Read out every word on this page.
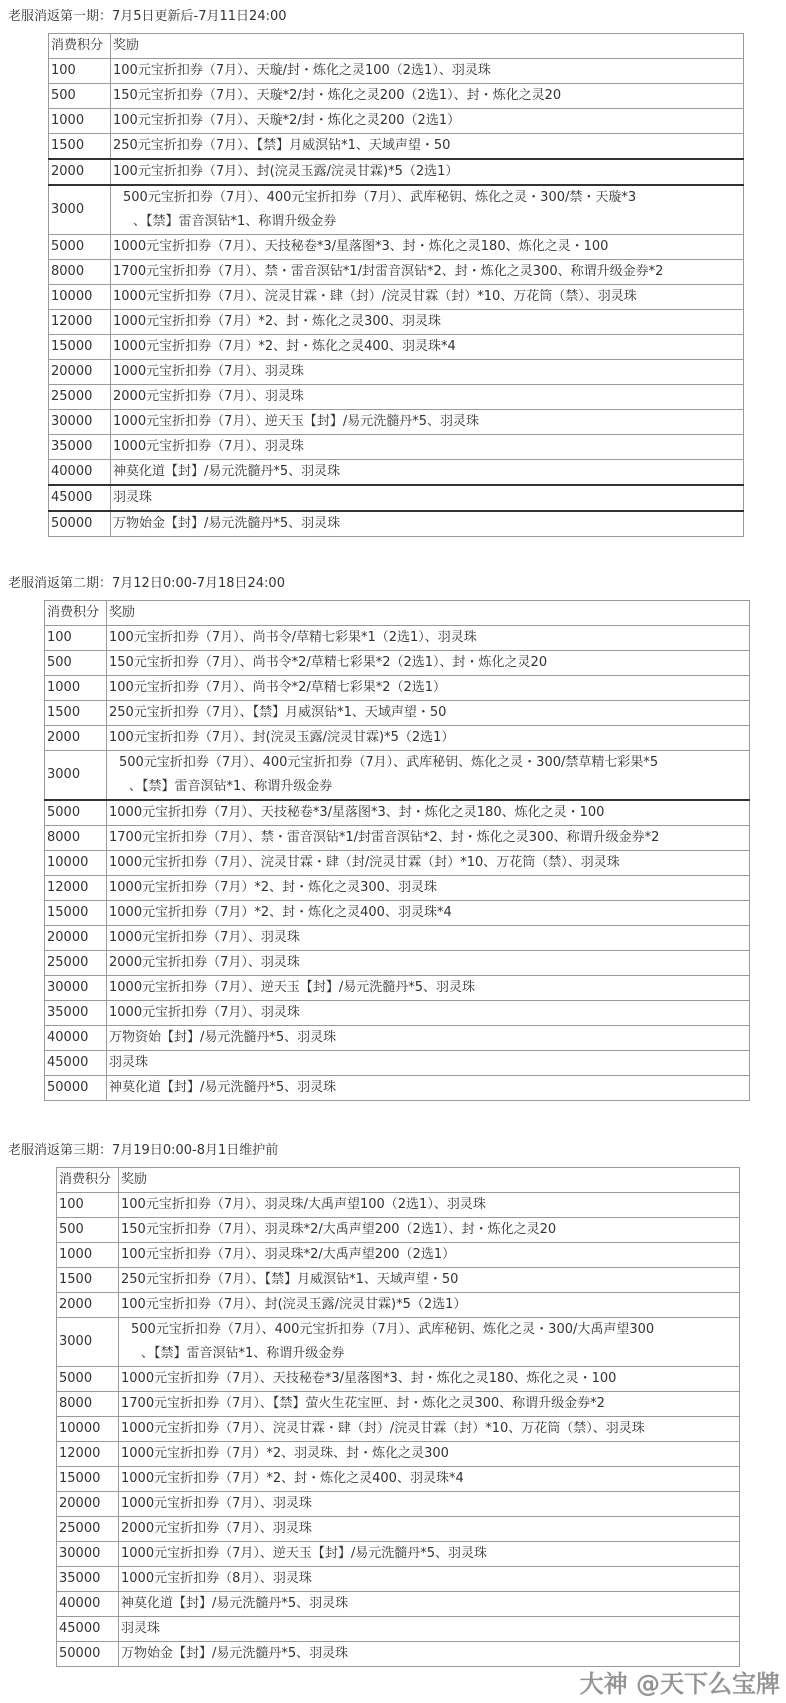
老服消返第一期：7月5日更新后-7月11日24:00
消费积分	奖励
100	100元宝折扣券（7月）、天璇/封・炼化之灵100（2选1）、羽灵珠
500	150元宝折扣券（7月）、天璇*2/封・炼化之灵200（2选1）、封・炼化之灵20
1000	100元宝折扣券（7月）、天璇*2/封・炼化之灵200（2选1）
1500	250元宝折扣券（7月）、【禁】月威溟钻*1、天域声望・50
2000	100元宝折扣券（7月）、封(浣灵玉露/浣灵甘霖)*5（2选1）
3000	500元宝折扣券（7月）、400元宝折扣券（7月）、武库秘钥、炼化之灵・300/禁・天璇*3
、【禁】雷音溟钻*1、称谓升级金券

5000	1000元宝折扣券（7月）、天技秘卷*3/星落图*3、封・炼化之灵180、炼化之灵・100
8000	1700元宝折扣券（7月）、禁・雷音溟钻*1/封雷音溟钻*2、封・炼化之灵300、称谓升级金券*2
10000	1000元宝折扣券（7月）、浣灵甘霖・肆（封）/浣灵甘霖（封）*10、万花筒（禁）、羽灵珠
12000	1000元宝折扣券（7月）*2、封・炼化之灵300、羽灵珠
15000	1000元宝折扣券（7月）*2、封・炼化之灵400、羽灵珠*4
20000	1000元宝折扣券（7月）、羽灵珠
25000	2000元宝折扣券（7月）、羽灵珠
30000	1000元宝折扣券（7月）、逆天玉【封】/易元洗髓丹*5、羽灵珠
35000	1000元宝折扣券（7月）、羽灵珠
40000	神莫化道【封】/易元洗髓丹*5、羽灵珠
45000	羽灵珠
50000	万物始金【封】/易元洗髓丹*5、羽灵珠
老服消返第二期：7月12日0:00-7月18日24:00
消费积分	奖励
100	100元宝折扣券（7月）、尚书令/草精七彩果*1（2选1）、羽灵珠
500	150元宝折扣券（7月）、尚书令*2/草精七彩果*2（2选1）、封・炼化之灵20
1000	100元宝折扣券（7月）、尚书令*2/草精七彩果*2（2选1）
1500	250元宝折扣券（7月）、【禁】月威溟钻*1、天域声望・50
2000	100元宝折扣券（7月）、封(浣灵玉露/浣灵甘霖)*5（2选1）
3000	500元宝折扣券（7月）、400元宝折扣券（7月）、武库秘钥、炼化之灵・300/禁草精七彩果*5
、【禁】雷音溟钻*1、称谓升级金券

5000	1000元宝折扣券（7月）、天技秘卷*3/星落图*3、封・炼化之灵180、炼化之灵・100
8000	1700元宝折扣券（7月）、禁・雷音溟钻*1/封雷音溟钻*2、封・炼化之灵300、称谓升级金券*2
10000	1000元宝折扣券（7月）、浣灵甘霖・肆（封/浣灵甘霖（封）*10、万花筒（禁）、羽灵珠
12000	1000元宝折扣券（7月）*2、封・炼化之灵300、羽灵珠
15000	1000元宝折扣券（7月）*2、封・炼化之灵400、羽灵珠*4
20000	1000元宝折扣券（7月）、羽灵珠
25000	2000元宝折扣券（7月）、羽灵珠
30000	1000元宝折扣券（7月）、逆天玉【封】/易元洗髓丹*5、羽灵珠
35000	1000元宝折扣券（7月）、羽灵珠
40000	万物资始【封】/易元洗髓丹*5、羽灵珠
45000	羽灵珠
50000	神莫化道【封】/易元洗髓丹*5、羽灵珠
老服消返第三期：7月19日0:00-8月1日维护前
消费积分	奖励
100	100元宝折扣券（7月）、羽灵珠/大禹声望100（2选1）、羽灵珠
500	150元宝折扣券（7月）、羽灵珠*2/大禹声望200（2选1）、封・炼化之灵20
1000	100元宝折扣券（7月）、羽灵珠*2/大禹声望200（2选1）
1500	250元宝折扣券（7月）、【禁】月威溟钻*1、天域声望・50
2000	100元宝折扣券（7月）、封(浣灵玉露/浣灵甘霖)*5（2选1）
3000	500元宝折扣券（7月）、400元宝折扣券（7月）、武库秘钥、炼化之灵・300/大禹声望300
、【禁】雷音溟钻*1、称谓升级金券

5000	1000元宝折扣券（7月）、天技秘卷*3/星落图*3、封・炼化之灵180、炼化之灵・100
8000	1700元宝折扣券（7月）、【禁】萤火生花宝匣、封・炼化之灵300、称谓升级金券*2
10000	1000元宝折扣券（7月）、浣灵甘霖・肆（封）/浣灵甘霖（封）*10、万花筒（禁）、羽灵珠
12000	1000元宝折扣券（7月）*2、羽灵珠、封・炼化之灵300
15000	1000元宝折扣券（7月）*2、封・炼化之灵400、羽灵珠*4
20000	1000元宝折扣券（7月）、羽灵珠
25000	2000元宝折扣券（7月）、羽灵珠
30000	1000元宝折扣券（7月）、逆天玉【封】/易元洗髓丹*5、羽灵珠
35000	1000元宝折扣券（8月）、羽灵珠
40000	神莫化道【封】/易元洗髓丹*5、羽灵珠
45000	羽灵珠
50000	万物始金【封】/易元洗髓丹*5、羽灵珠
大神 @天下么宝牌
